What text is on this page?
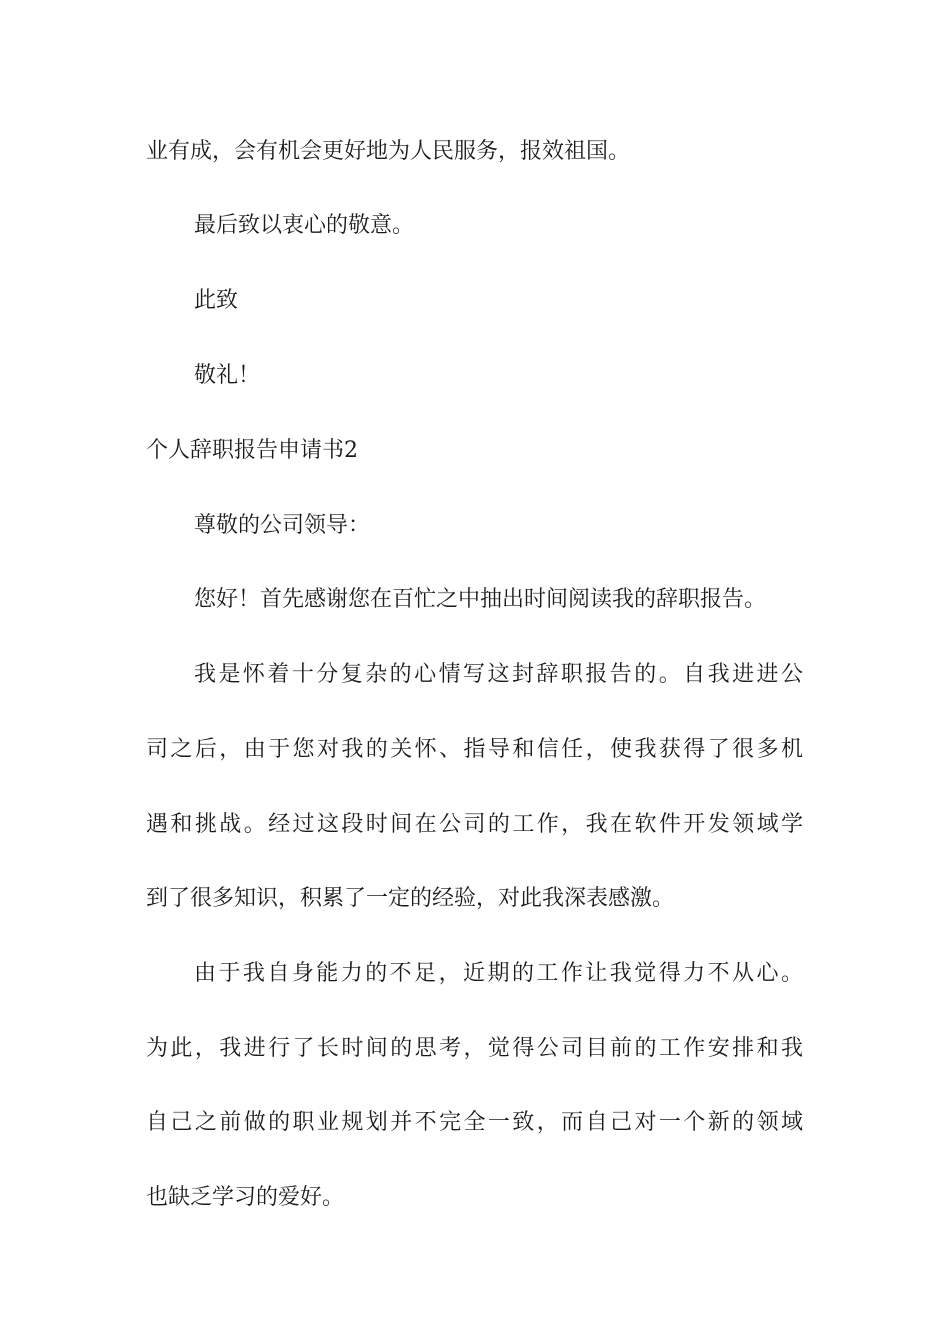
业有成，会有机会更好地为人民服务，报效祖国。
最后致以衷心的敬意。
此致
敬礼！
个人辞职报告申请书2
尊敬的公司领导：
您好！首先感谢您在百忙之中抽出时间阅读我的辞职报告。
我是怀着十分复杂的心情写这封辞职报告的。自我进进公
司之后，由于您对我的关怀、指导和信任，使我获得了很多机
遇和挑战。经过这段时间在公司的工作，我在软件开发领域学
到了很多知识，积累了一定的经验，对此我深表感激。
由于我自身能力的不足，近期的工作让我觉得力不从心。
为此，我进行了长时间的思考，觉得公司目前的工作安排和我
自己之前做的职业规划并不完全一致，而自己对一个新的领域
也缺乏学习的爱好。
